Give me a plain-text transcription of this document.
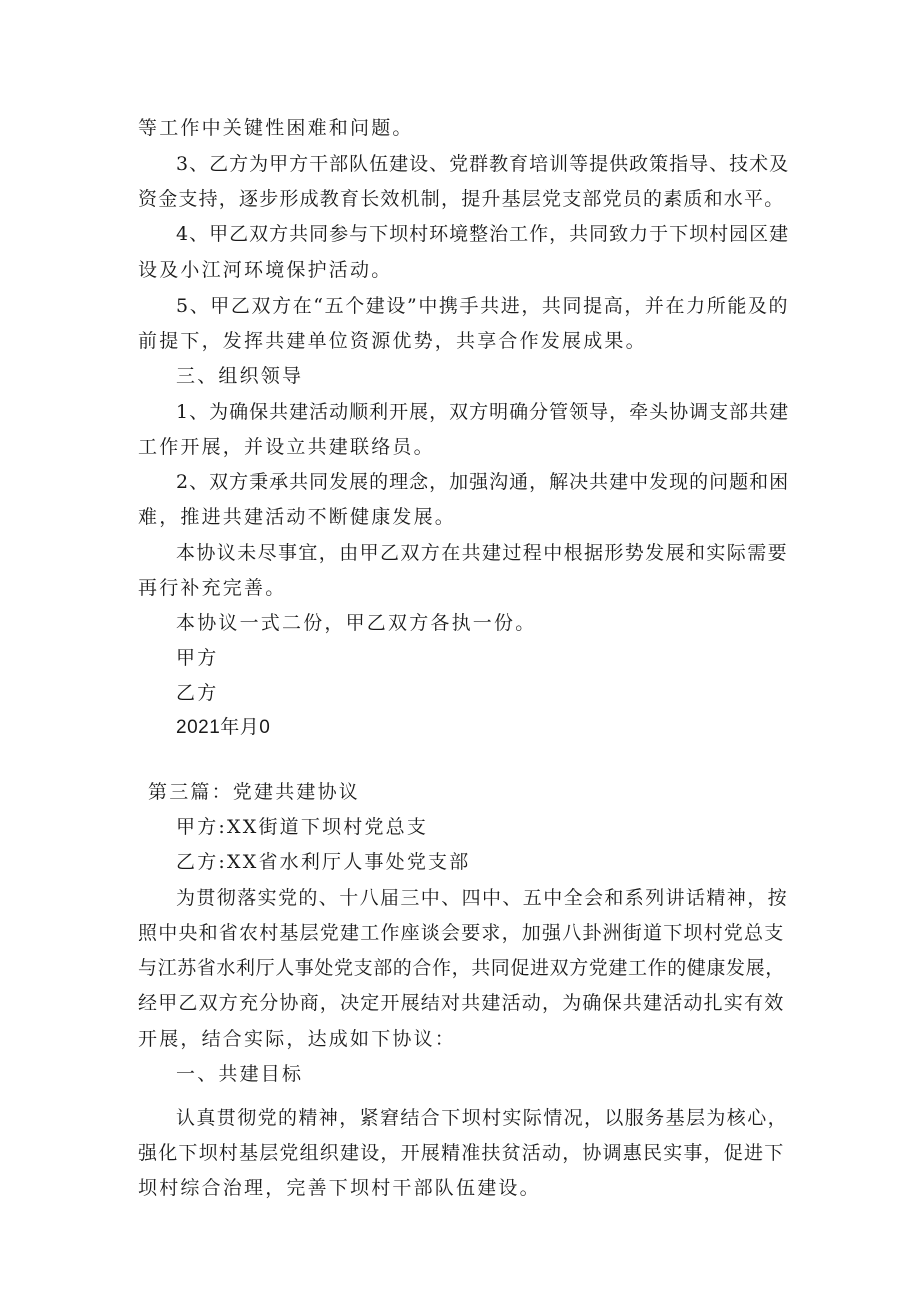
等工作中关键性困难和问题。
3、乙方为甲方干部队伍建设、党群教育培训等提供政策指导、技术及
资金支持，逐步形成教育长效机制，提升基层党支部党员的素质和水平。
4、甲乙双方共同参与下坝村环境整治工作，共同致力于下坝村园区建
设及小江河环境保护活动。
5、甲乙双方在“五个建设”中携手共进，共同提高，并在力所能及的
前提下，发挥共建单位资源优势，共享合作发展成果。
三、组织领导
1、为确保共建活动顺利开展，双方明确分管领导，牵头协调支部共建
工作开展，并设立共建联络员。
2、双方秉承共同发展的理念，加强沟通，解决共建中发现的问题和困
难，推进共建活动不断健康发展。
本协议未尽事宜，由甲乙双方在共建过程中根据形势发展和实际需要
再行补充完善。
本协议一式二份，甲乙双方各执一份。
甲方
乙方
2021年月0
第三篇：党建共建协议
甲方:XX街道下坝村党总支
乙方:XX省水利厅人事处党支部
为贯彻落实党的、十八届三中、四中、五中全会和系列讲话精神，按
照中央和省农村基层党建工作座谈会要求，加强八卦洲街道下坝村党总支
与江苏省水利厅人事处党支部的合作，共同促进双方党建工作的健康发展，
经甲乙双方充分协商，决定开展结对共建活动，为确保共建活动扎实有效
开展，结合实际，达成如下协议：
一、共建目标
认真贯彻党的精神，紧窘结合下坝村实际情况，以服务基层为核心，
强化下坝村基层党组织建设，开展精准扶贫活动，协调惠民实事，促进下
坝村综合治理，完善下坝村干部队伍建设。
